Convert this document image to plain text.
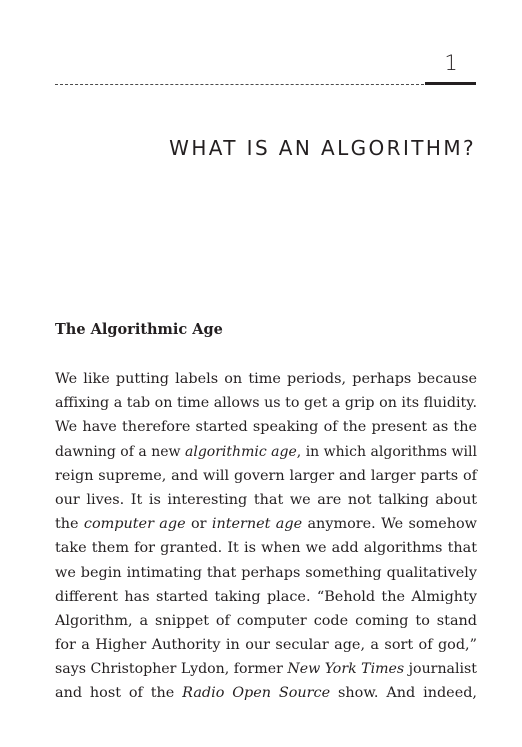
1
WHAT IS AN ALGORITHM?
The Algorithmic Age
We like putting labels on time periods, perhaps because
affixing a tab on time allows us to get a grip on its fluidity.
We have therefore started speaking of the present as the
dawning of a new algorithmic age , in which algorithms will
reign supreme, and will govern larger and larger parts of
our lives. It is interesting that we are not talking about
the computer age or internet age anymore. We somehow
take them for granted. It is when we add algorithms that
we begin intimating that perhaps something qualitatively
different has started taking place. “Behold the Almighty
Algorithm, a snippet of computer code coming to stand
for a Higher Authority in our secular age, a sort of god,”
says Christopher Lydon, former New York Times journalist
and host of the Radio Open Source show. And indeed,
